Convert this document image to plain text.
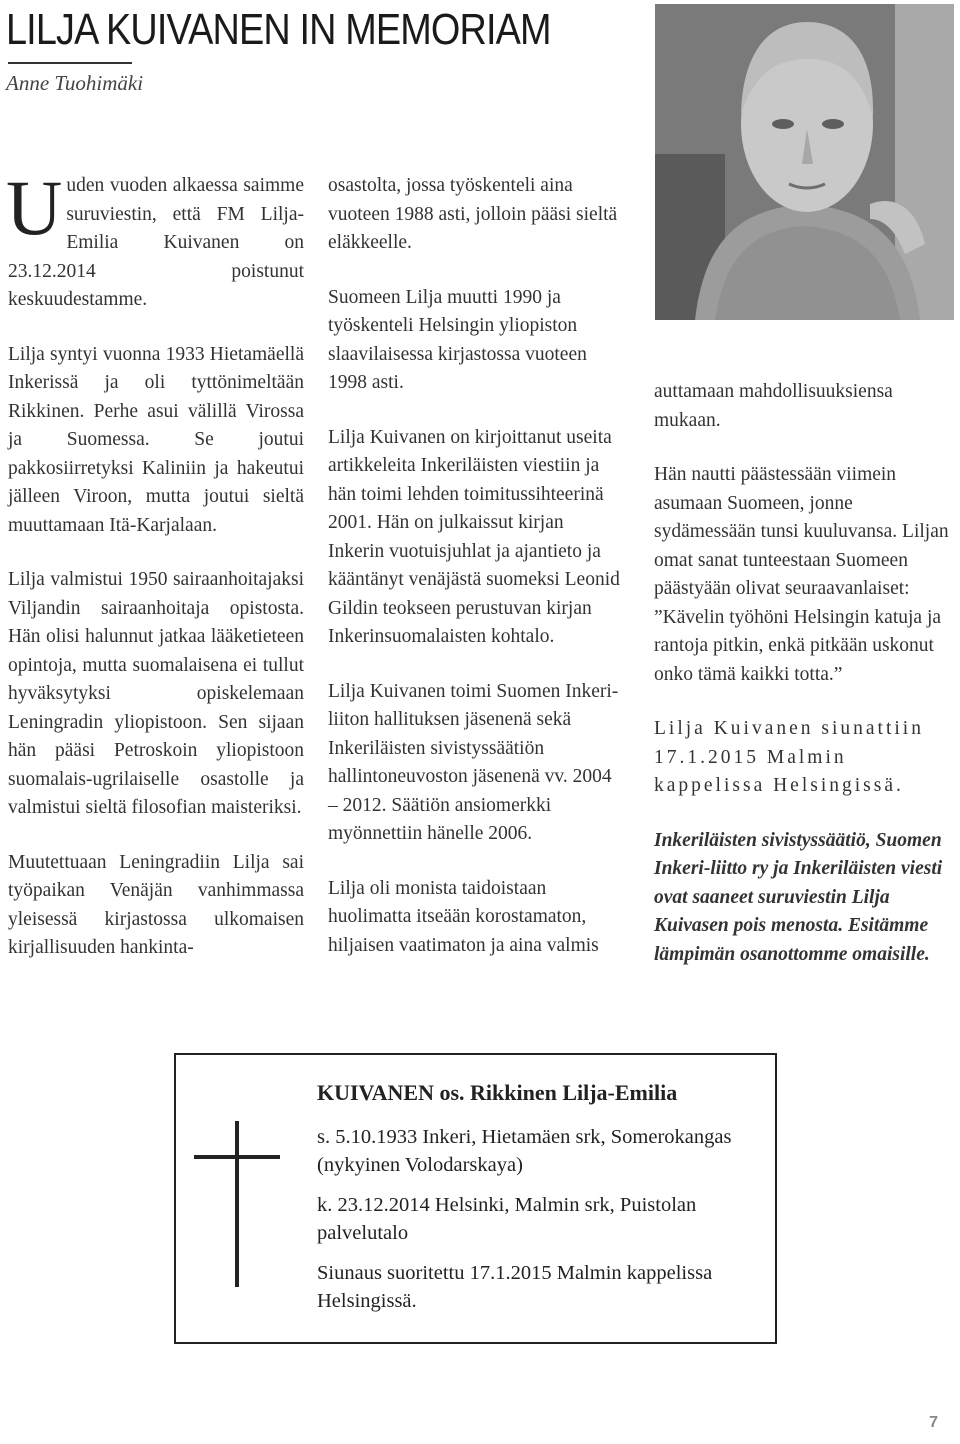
LILJA KUIVANEN IN MEMORIAM
Anne Tuohimäki

Uuden vuoden alkaessa saimme suruviestin, että FM Lilja-Emilia Kuivanen on 23.12.2014 poistunut keskuudestamme.

Lilja syntyi vuonna 1933 Hietamäellä Inkerissä ja oli tyttönimeltään Rikkinen. Perhe asui välillä Virossa ja Suomessa. Se joutui pakkosiirretyksi Kaliniin ja hakeutui jälleen Viroon, mutta joutui sieltä muuttamaan Itä-Karjalaan.

Lilja valmistui 1950 sairaanhoitajaksi Viljandin sairaanhoitaja opistosta. Hän olisi halunnut jatkaa lääketieteen opintoja, mutta suomalaisena ei tullut hyväksytyksi opiskelemaan Leningradin yliopistoon. Sen sijaan hän pääsi Petroskoin yliopistoon suomalais-ugrilaiselle osastolle ja valmistui sieltä filosofian maisteriksi.

Muutettuaan Leningradiin Lilja sai työpaikan Venäjän vanhimmassa yleisessä kirjastossa ulkomaisen kirjallisuuden hankinta-

osastolta, jossa työskenteli aina vuoteen 1988 asti, jolloin pääsi sieltä eläkkeelle.

Suomeen Lilja muutti 1990 ja työskenteli Helsingin yliopiston slaavilaisessa kirjastossa vuoteen 1998 asti.

Lilja Kuivanen on kirjoittanut useita artikkeleita Inkeriläisten viestiin ja hän toimi lehden toimitussihteerinä 2001. Hän on julkaissut kirjan Inkerin vuotuisjuhlat ja ajantieto ja kääntänyt venäjästä suomeksi Leonid Gildin teokseen perustuvan kirjan Inkerinsuomalaisten kohtalo.

Lilja Kuivanen toimi Suomen Inkeri-liiton hallituksen jäsenenä sekä Inkeriläisten sivistyssäätiön hallintoneuvoston jäsenenä vv. 2004 – 2012. Säätiön ansiomerkki myönnettiin hänelle 2006.

Lilja oli monista taidoistaan huolimatta itseään korostamaton, hiljaisen vaatimaton ja aina valmis

auttamaan mahdollisuuksiensa mukaan.

Hän nautti päästessään viimein asumaan Suomeen, jonne sydämessään tunsi kuuluvansa. Liljan omat sanat tunteestaan Suomeen päästyään olivat seuraavanlaiset: ”Kävelin työhöni Helsingin katuja ja rantoja pitkin, enkä pitkään uskonut onko tämä kaikki totta.”

Lilja Kuivanen siunattiin 17.1.2015 Malmin kappelissa Helsingissä.

Inkeriläisten sivistyssäätiö, Suomen Inkeri-liitto ry ja Inkeriläisten viesti ovat saaneet suruviestin Lilja Kuivasen pois menosta. Esitämme lämpimän osanottomme omaisille.

KUIVANEN os. Rikkinen Lilja-Emilia

s. 5.10.1933 Inkeri, Hietamäen srk, Somerokangas (nykyinen Volodarskaya)

k. 23.12.2014 Helsinki, Malmin srk, Puistolan palvelutalo

Siunaus suoritettu 17.1.2015 Malmin kappelissa Helsingissä.

7
